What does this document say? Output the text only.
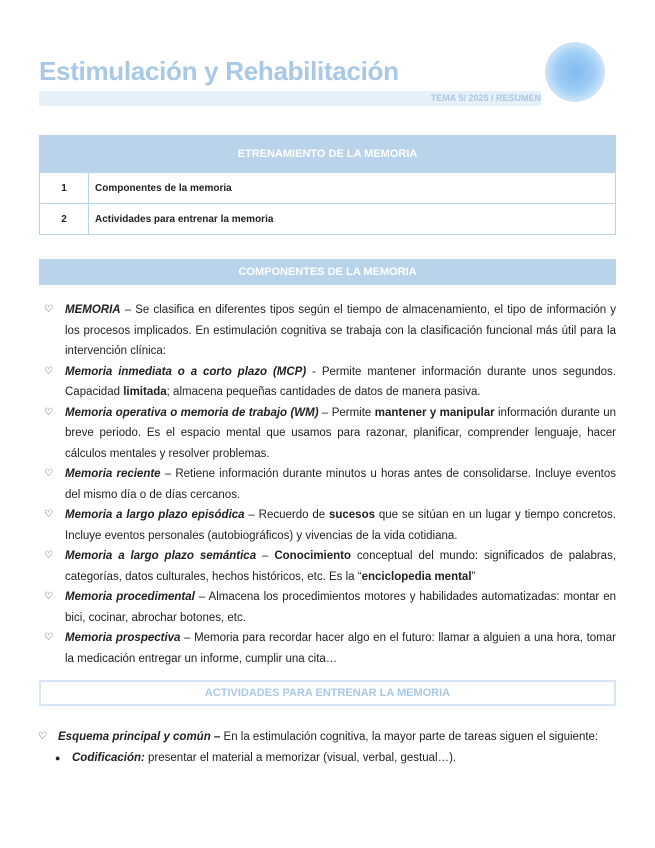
Estimulación y Rehabilitación
TEMA 5/ 2025 / RESUMEN
ETRENAMIENTO DE LA MEMORIA	
1	Componentes de la memoria
2	Actividades para entrenar la memoria
COMPONENTES DE LA MEMORIA
♡ MEMORIA – Se clasifica en diferentes tipos según el tiempo de almacenamiento, el tipo de información y los procesos implicados. En estimulación cognitiva se trabaja con la clasificación funcional más útil para la intervención clínica:
♡ Memoria inmediata o a corto plazo (MCP) - Permite mantener información durante unos segundos. Capacidad limitada; almacena pequeñas cantidades de datos de manera pasiva.
♡ Memoria operativa o memoria de trabajo (WM) – Permite mantener y manipular información durante un breve periodo. Es el espacio mental que usamos para razonar, planificar, comprender lenguaje, hacer cálculos mentales y resolver problemas.
♡ Memoria reciente – Retiene información durante minutos u horas antes de consolidarse. Incluye eventos del mismo día o de días cercanos.
♡ Memoria a largo plazo episódica – Recuerdo de sucesos que se sitúan en un lugar y tiempo concretos. Incluye eventos personales (autobiográficos) y vivencias de la vida cotidiana.
♡ Memoria a largo plazo semántica – Conocimiento conceptual del mundo: significados de palabras, categorías, datos culturales, hechos históricos, etc. Es la “enciclopedia mental”
♡ Memoria procedimental – Almacena los procedimientos motores y habilidades automatizadas: montar en bici, cocinar, abrochar botones, etc.
♡ Memoria prospectiva – Memoria para recordar hacer algo en el futuro: llamar a alguien a una hora, tomar la medicación entregar un informe, cumplir una cita…
ACTIVIDADES PARA ENTRENAR LA MEMORIA
♡ Esquema principal y común – En la estimulación cognitiva, la mayor parte de tareas siguen el siguiente:
● Codificación: presentar el material a memorizar (visual, verbal, gestual…).
